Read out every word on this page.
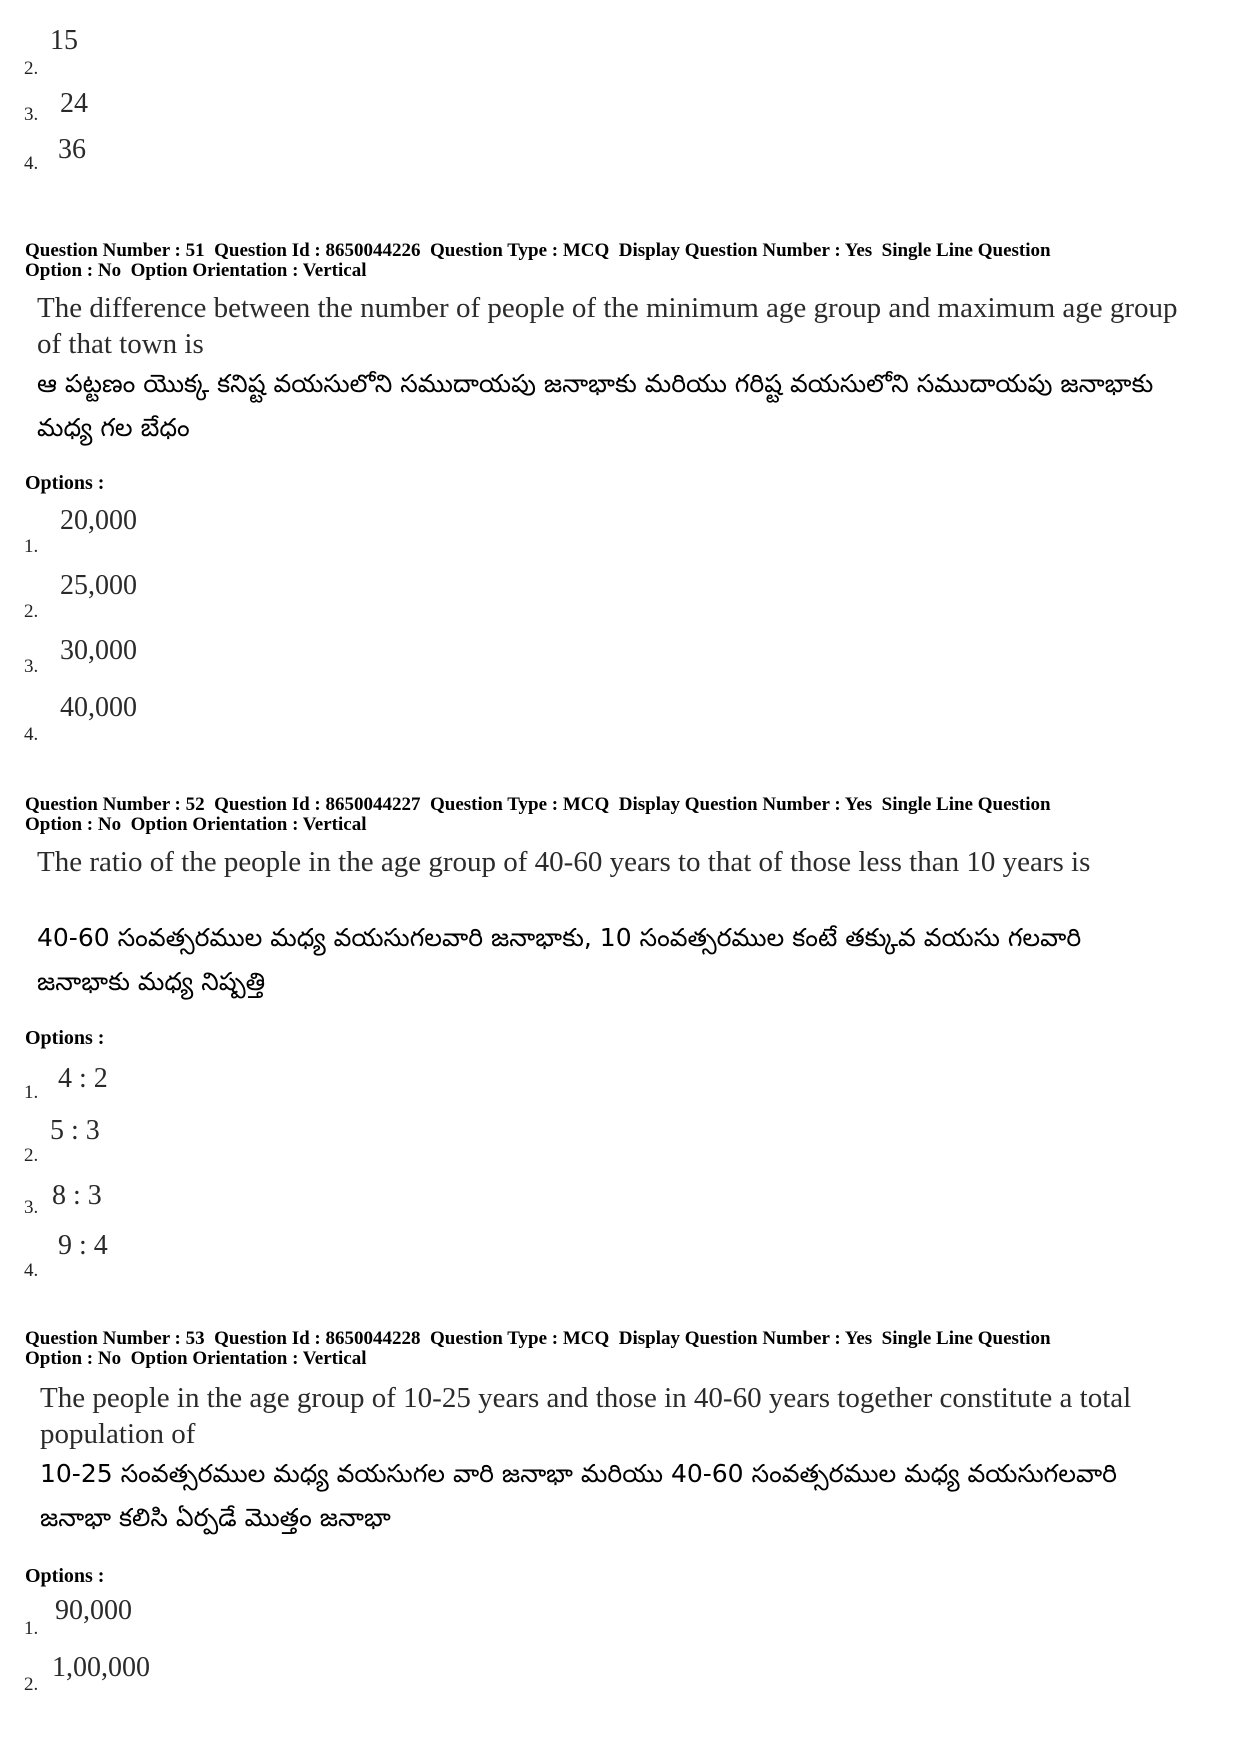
2.
15
3. 24
4. 36
Question Number : 51  Question Id : 8650044226  Question Type : MCQ  Display Question Number : Yes  Single Line Question
Option : No  Option Orientation : Vertical
The difference between the number of people of the minimum age group and maximum age group of that town is
ఆ పట్టణం యొక్క కనిష్ట వయసులోని సముదాయపు జనాభాకు మరియు గరిష్ట వయసులోని సముదాయపు జనాభాకు మధ్య గల బేధం
Options :
1.
20,000
2.
25,000
3.
30,000
4.
40,000
Question Number : 52  Question Id : 8650044227  Question Type : MCQ  Display Question Number : Yes  Single Line Question
Option : No  Option Orientation : Vertical
The ratio of the people in the age group of 40-60 years to that of those less than 10 years is
40-60 సంవత్సరముల మధ్య వయసుగలవారి జనాభాకు, 10 సంవత్సరముల కంటే తక్కువ వయసు గలవారి జనాభాకు మధ్య నిష్పత్తి
Options :
1. 4 : 2
2.
5 : 3
3. 8 : 3
4.
9 : 4
Question Number : 53  Question Id : 8650044228  Question Type : MCQ  Display Question Number : Yes  Single Line Question
Option : No  Option Orientation : Vertical
The people in the age group of 10-25 years and those in 40-60 years together constitute a total population of
10-25 సంవత్సరముల మధ్య వయసుగల వారి జనాభా మరియు 40-60 సంవత్సరముల మధ్య వయసుగలవారి జనాభా కలిసి ఏర్పడే మొత్తం జనాభా
Options :
1.
90,000
2.
1,00,000
